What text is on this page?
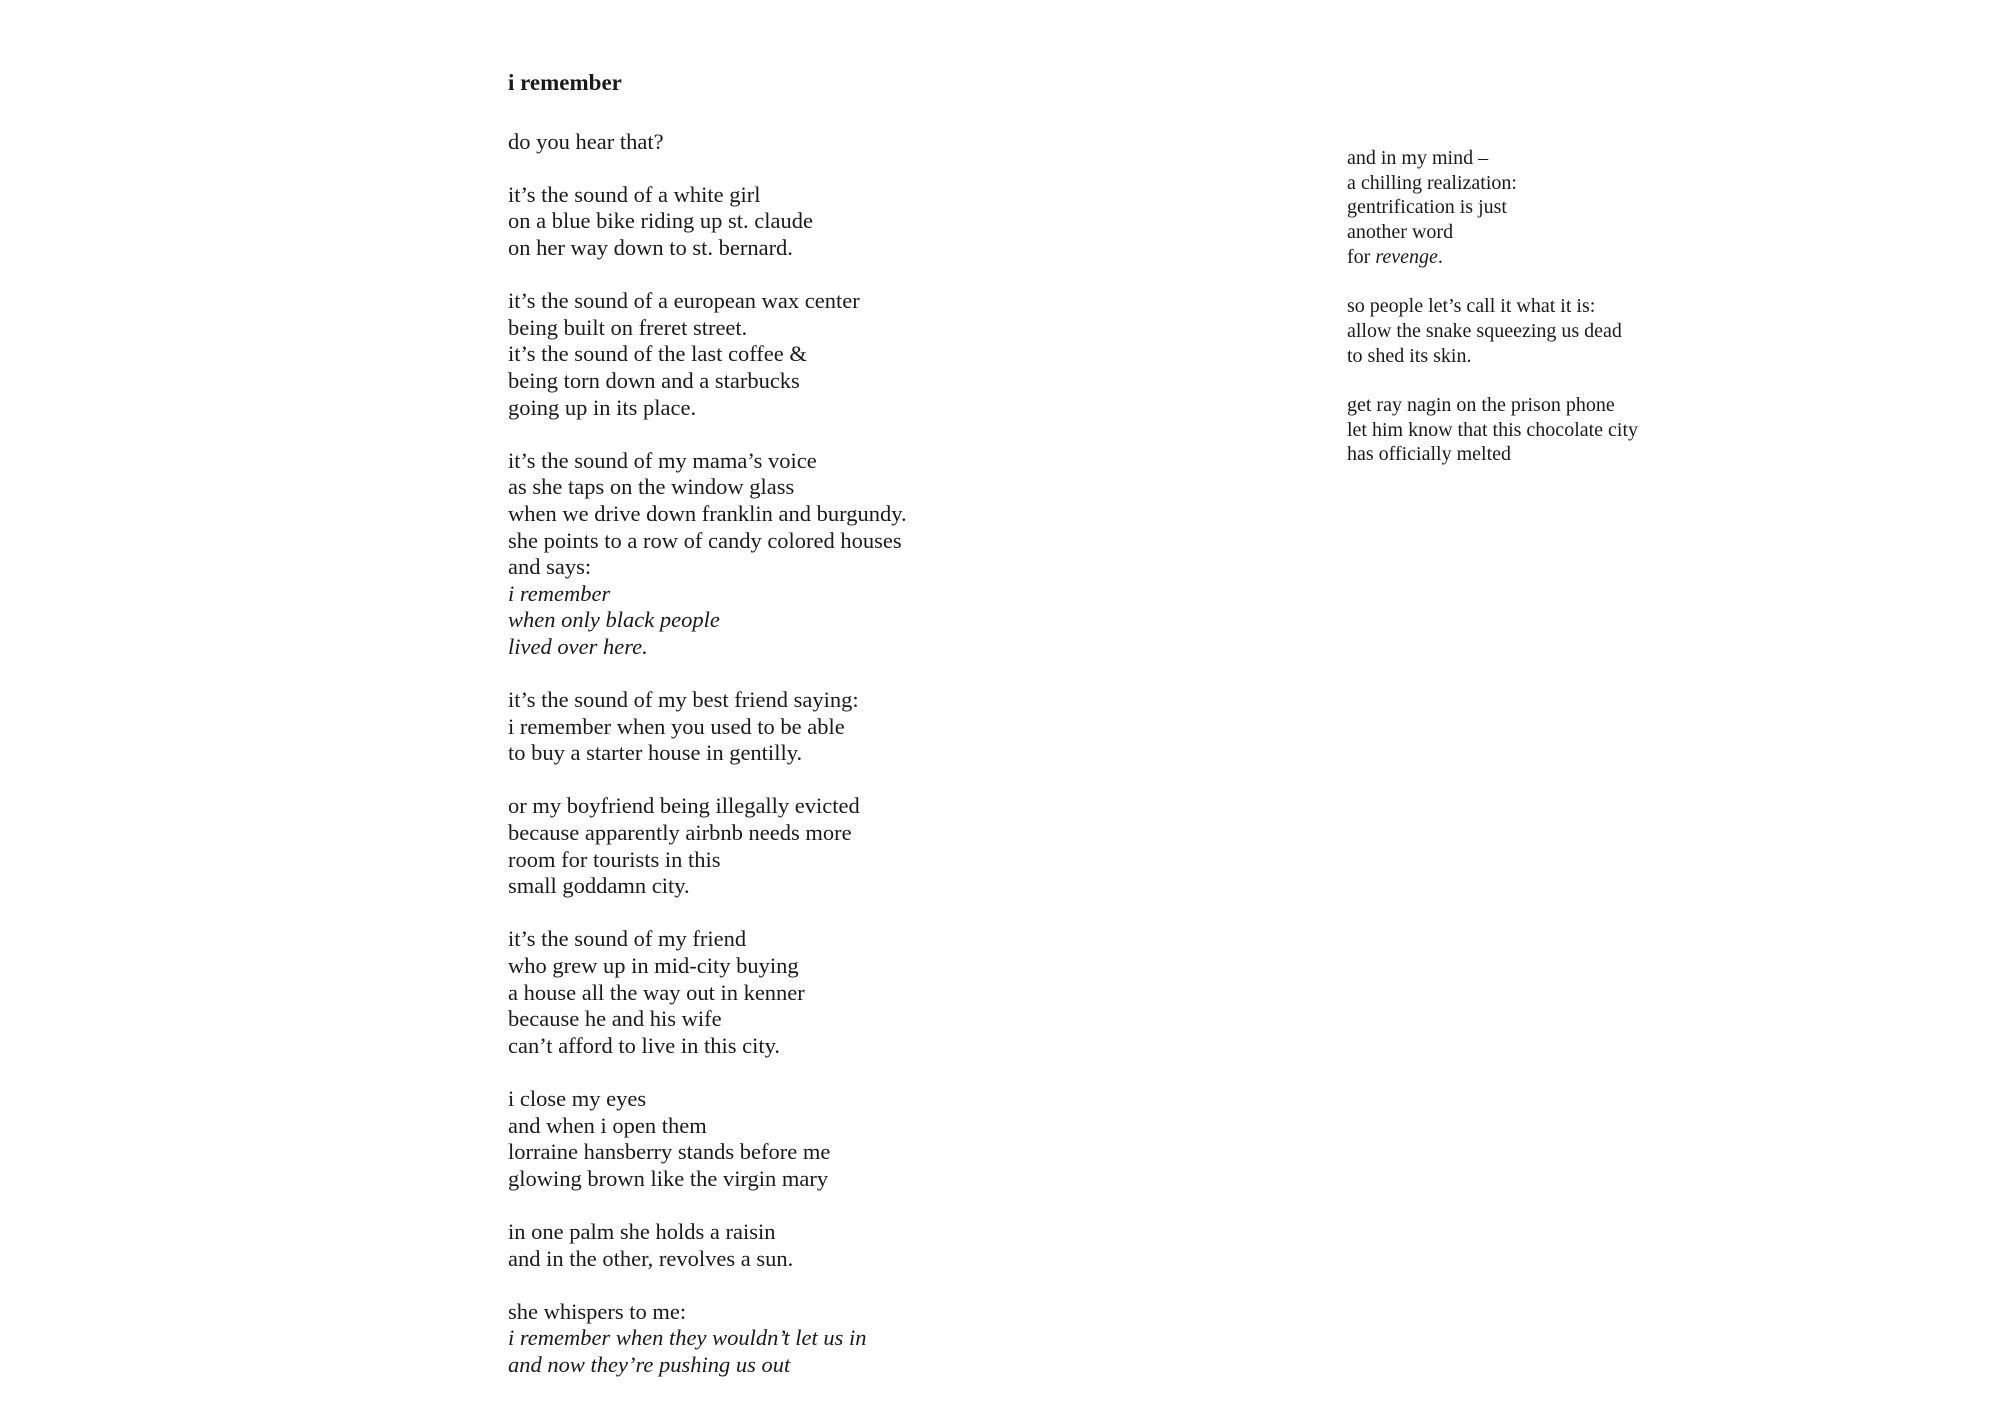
i remember
do you hear that?
it’s the sound of a white girl
on a blue bike riding up st. claude
on her way down to st. bernard.
it’s the sound of a european wax center
being built on freret street.
it’s the sound of the last coffee &
being torn down and a starbucks
going up in its place.
it’s the sound of my mama’s voice
as she taps on the window glass
when we drive down franklin and burgundy.
she points to a row of candy colored houses
and says:
i remember
when only black people
lived over here.
it’s the sound of my best friend saying:
i remember when you used to be able
to buy a starter house in gentilly.
or my boyfriend being illegally evicted
because apparently airbnb needs more
room for tourists in this
small goddamn city.
it’s the sound of my friend
who grew up in mid-city buying
a house all the way out in kenner
because he and his wife
can’t afford to live in this city.
i close my eyes
and when i open them
lorraine hansberry stands before me
glowing brown like the virgin mary
in one palm she holds a raisin
and in the other, revolves a sun.
she whispers to me:
i remember when they wouldn’t let us in
and now they’re pushing us out
and in my mind –
a chilling realization:
gentrification is just
another word
for revenge.
so people let’s call it what it is:
allow the snake squeezing us dead
to shed its skin.
get ray nagin on the prison phone
let him know that this chocolate city
has officially melted
